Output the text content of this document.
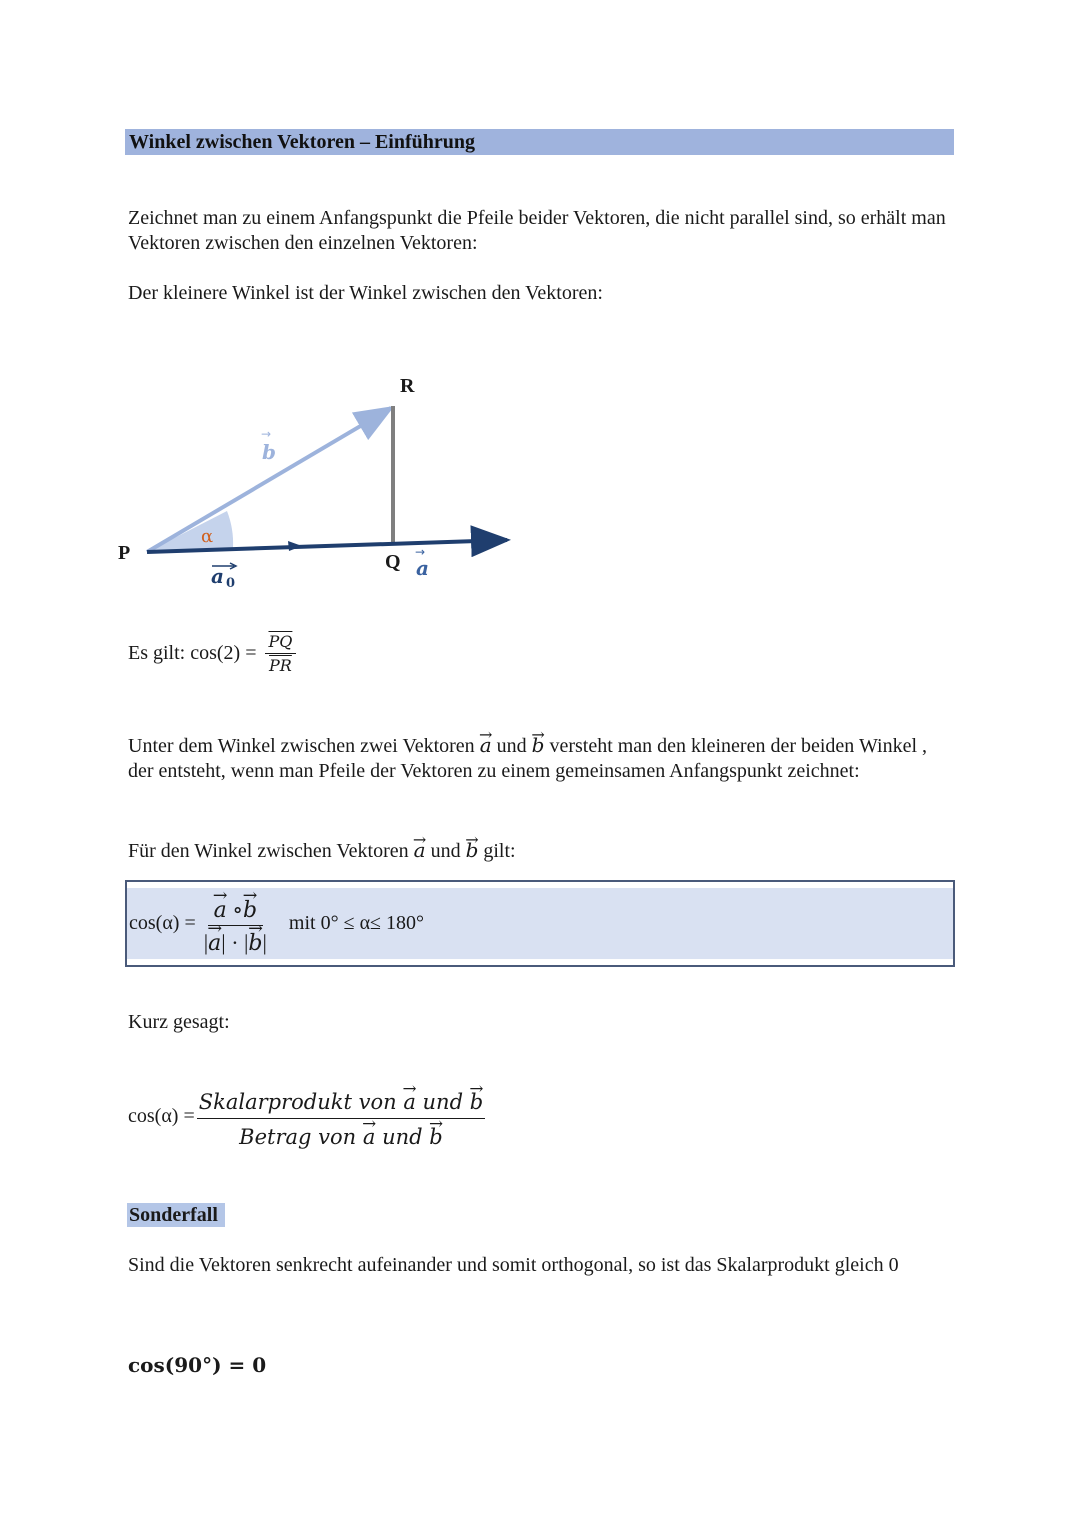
Winkel zwischen Vektoren – Einführung
Zeichnet man zu einem Anfangspunkt die Pfeile beider Vektoren, die nicht parallel sind, so erhält man Vektoren zwischen den einzelnen Vektoren:
Der kleinere Winkel ist der Winkel zwischen den Vektoren:
R
P	Q
α
→
b
→
a
a 0
Es gilt: $\cos(2) = \frac{\overline{PQ}}{PR}$
Unter dem Winkel zwischen zwei Vektoren → a und → b versteht man den kleineren der beiden Winkel , der entsteht, wenn man Pfeile der Vektoren zu einem gemeinsamen Anfangspunkt zeichnet:
Für den Winkel zwischen Vektoren → a und → b gilt:
cos(α) = → $\frac{a \circ\to b}{|\to a| \cdot |\to b|}$ mit 0° ≤ α≤ 180°
Kurz gesagt:
$\cos(\alpha) = \frac{\text{Skalarprodukt von → a und → b}}{\text{Betrag von → a und → b}}$
Sonderfall
Sind die Vektoren senkrecht aufeinander und somit orthogonal, so ist das Skalarprodukt gleich 0
cos(90°) = 0
